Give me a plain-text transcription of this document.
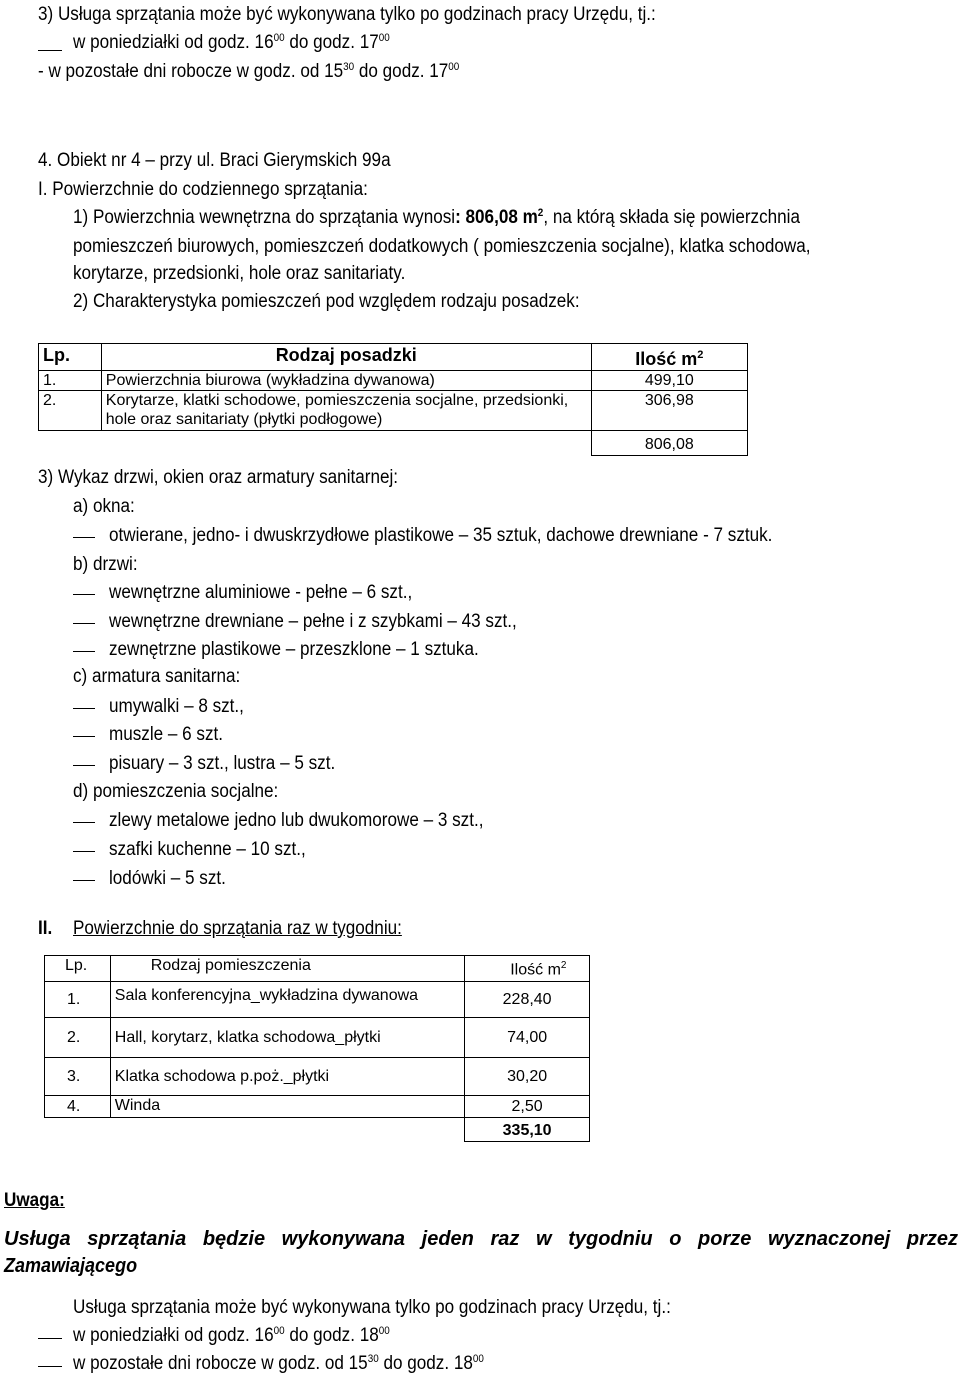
3) Usługa sprzątania może być wykonywana tylko po godzinach pracy Urzędu, tj.:
w poniedziałki od godz. $16^{00}$ do godz. $17^{00}$
- w pozostałe dni robocze w godz. od $15^{30}$ do godz. $17^{00}$
4. Obiekt nr 4 – przy ul. Braci Gierymskich 99a
I. Powierzchnie do codziennego sprzątania:
1) Powierzchnia wewnętrzna do sprzątania wynosi: 806,08 $m^2$, na którą składa się powierzchnia
pomieszczeń biurowych, pomieszczeń dodatkowych ( pomieszczenia socjalne), klatka schodowa,
korytarze, przedsionki, hole oraz sanitariaty.
2) Charakterystyka pomieszczeń pod względem rodzaju posadzek:
Lp.	Rodzaj posadzki	Ilość $m^2$
1.	Powierzchnia biurowa (wykładzina dywanowa)	499,10
2.	Korytarze, klatki schodowe, pomieszczenia socjalne, przedsionki,
hole oraz sanitariaty (płytki podłogowe)	306,98
		806,08
3) Wykaz drzwi, okien oraz armatury sanitarnej:
a) okna:
otwierane, jedno- i dwuskrzydłowe plastikowe – 35 sztuk, dachowe drewniane - 7 sztuk.
b) drzwi:
wewnętrzne aluminiowe - pełne – 6 szt.,
wewnętrzne drewniane – pełne i z szybkami – 43 szt.,
zewnętrzne plastikowe – przeszklone – 1 sztuka.
c) armatura sanitarna:
umywalki – 8 szt.,
muszle – 6 szt.
pisuary – 3 szt., lustra – 5 szt.
d) pomieszczenia socjalne:
zlewy metalowe jedno lub dwukomorowe – 3 szt.,
szafki kuchenne – 10 szt.,
lodówki – 5 szt.
II. Powierzchnie do sprzątania raz w tygodniu:
Lp.	Rodzaj pomieszczenia	Ilość $m^2$
1.	Sala konferencyjna_wykładzina dywanowa	228,40
2.	Hall, korytarz, klatka schodowa_płytki	74,00
3.	Klatka schodowa p.poż._płytki	30,20
4.	Winda	2,50
		335,10
Uwaga:
Usługa sprzątania będzie wykonywana jeden raz w tygodniu o porze wyznaczonej przez
Zamawiającego
Usługa sprzątania może być wykonywana tylko po godzinach pracy Urzędu, tj.:
w poniedziałki od godz. $16^{00}$ do godz. $18^{00}$
w pozostałe dni robocze w godz. od $15^{30}$ do godz. $18^{00}$
